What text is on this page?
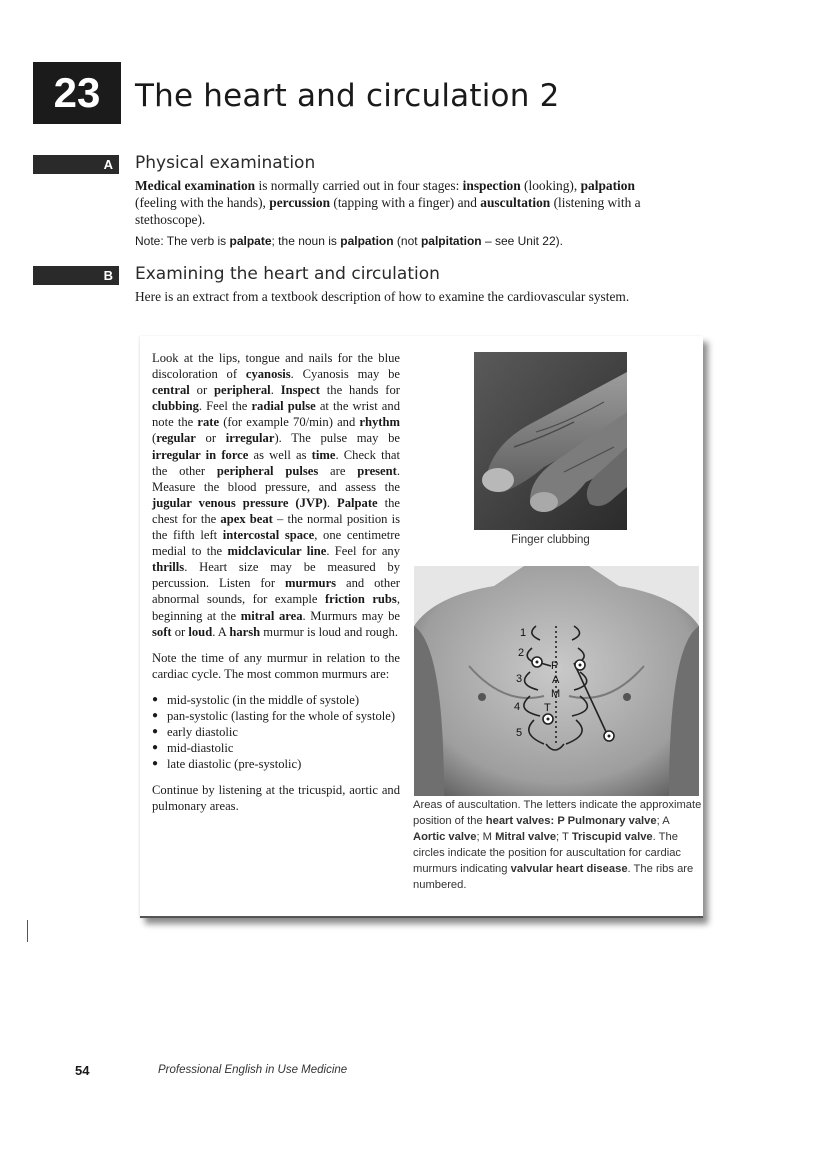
23	The heart and circulation 2
A	Physical examination
Medical examination is normally carried out in four stages: inspection (looking), palpation (feeling with the hands), percussion (tapping with a finger) and auscultation (listening with a stethoscope).
Note: The verb is palpate; the noun is palpation (not palpitation – see Unit 22).
B	Examining the heart and circulation
Here is an extract from a textbook description of how to examine the cardiovascular system.

Look at the lips, tongue and nails for the blue discoloration of cyanosis. Cyanosis may be central or peripheral. Inspect the hands for clubbing. Feel the radial pulse at the wrist and note the rate (for example 70/min) and rhythm (regular or irregular). The pulse may be irregular in force as well as time. Check that the other peripheral pulses are present. Measure the blood pressure, and assess the jugular venous pressure (JVP). Palpate the chest for the apex beat – the normal position is the fifth left intercostal space, one centimetre medial to the midclavicular line. Feel for any thrills. Heart size may be measured by percussion. Listen for murmurs and other abnormal sounds, for example friction rubs, beginning at the mitral area. Murmurs may be soft or loud. A harsh murmur is loud and rough.

Note the time of any murmur in relation to the cardiac cycle. The most common murmurs are:

● mid-systolic (in the middle of systole)
● pan-systolic (lasting for the whole of systole)
● early diastolic
● mid-diastolic
● late diastolic (pre-systolic)

Continue by listening at the tricuspid, aortic and pulmonary areas.

Finger clubbing
1
2
3
4
5
P
A
M
T
Areas of auscultation. The letters indicate the approximate position of the heart valves: P Pulmonary valve; A Aortic valve; M Mitral valve; T Triscupid valve. The circles indicate the position for auscultation for cardiac murmurs indicating valvular heart disease. The ribs are numbered.
54	Professional English in Use Medicine
